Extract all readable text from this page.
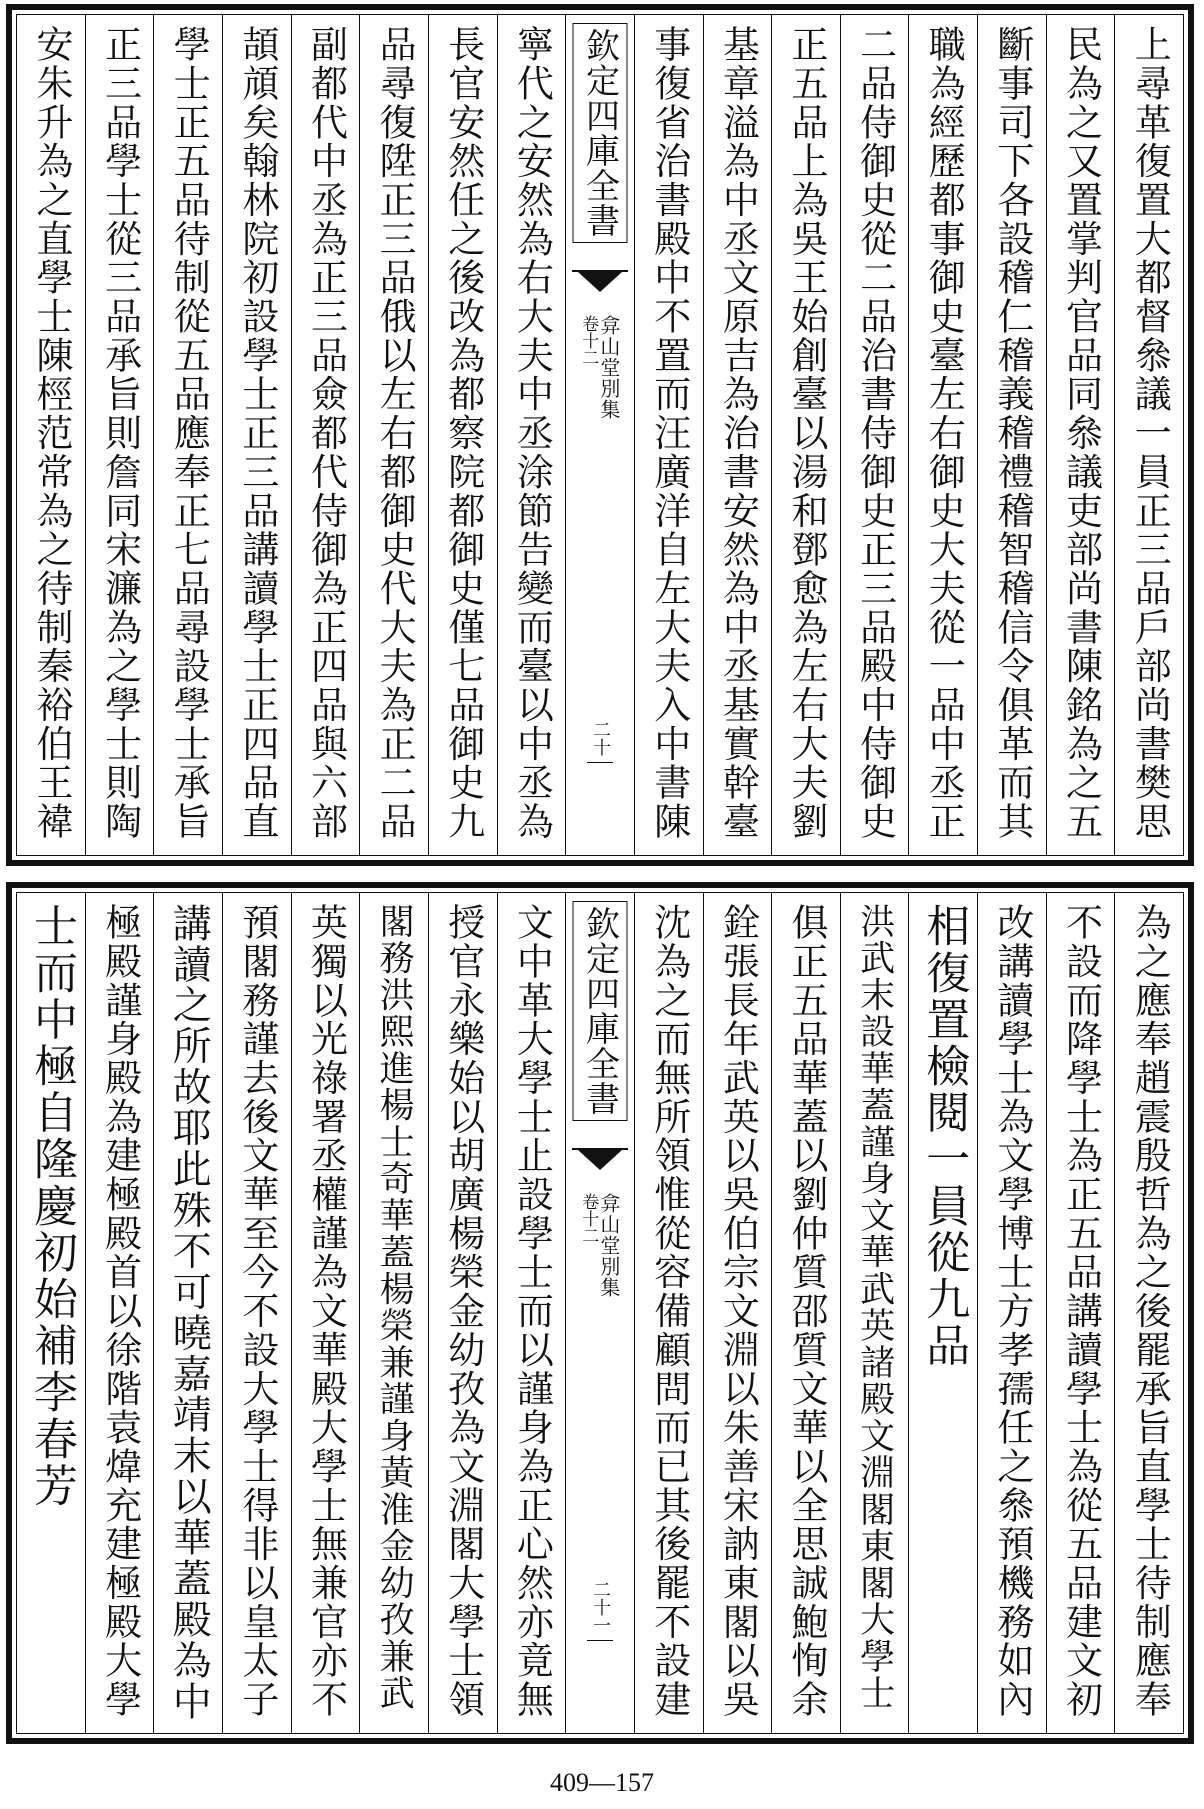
上尋革復置大都督叅議一員正三品戶部尚書樊思
民為之又置掌判官品同叅議吏部尚書陳銘為之五
斷事司下各設稽仁稽義稽禮稽智稽信令俱革而其
職為經歷都事御史臺左右御史大夫從一品中丞正
二品侍御史從二品治書侍御史正三品殿中侍御史
正五品上為吳王始創臺以湯和鄧愈為左右大夫劉
基章溢為中丞文原吉為治書安然為中丞基實幹臺
事復省治書殿中不置而汪廣洋自左大夫入中書陳
欽定四庫全書
弇山堂別集
卷十二
二十
寧代之安然為右大夫中丞涂節告變而臺以中丞為
長官安然任之後改為都察院都御史僅七品御史九
品尋復陞正三品俄以左右都御史代大夫為正二品
副都代中丞為正三品僉都代侍御為正四品與六部
頡頏矣翰林院初設學士正三品講讀學士正四品直
學士正五品待制從五品應奉正七品尋設學士承旨
正三品學士從三品承旨則詹同宋濂為之學士則陶
安朱升為之直學士陳桱范常為之待制秦裕伯王褘
為之應奉趙震殷哲為之後罷承旨直學士待制應奉
不設而降學士為正五品講讀學士為從五品建文初
改講讀學士為文學博士方孝孺任之叅預機務如內
相復置檢閱一員從九品
洪武末設華蓋謹身文華武英諸殿文淵閣東閣大學士
俱正五品華蓋以劉仲質邵質文華以全思誠鮑恂余
銓張長年武英以吳伯宗文淵以朱善宋訥東閣以吳
沈為之而無所領惟從容備顧問而已其後罷不設建
欽定四庫全書
弇山堂別集
卷十二
二十一
文中革大學士止設學士而以謹身為正心然亦竟無
授官永樂始以胡廣楊榮金幼孜為文淵閣大學士領
閣務洪熙進楊士奇華蓋楊榮兼謹身黃淮金幼孜兼武
英獨以光祿署丞權謹為文華殿大學士無兼官亦不
預閣務謹去後文華至今不設大學士得非以皇太子
講讀之所故耶此殊不可曉嘉靖末以華蓋殿為中
極殿謹身殿為建極殿首以徐階袁煒充建極殿大學
士而中極自隆慶初始補李春芳
409—157
